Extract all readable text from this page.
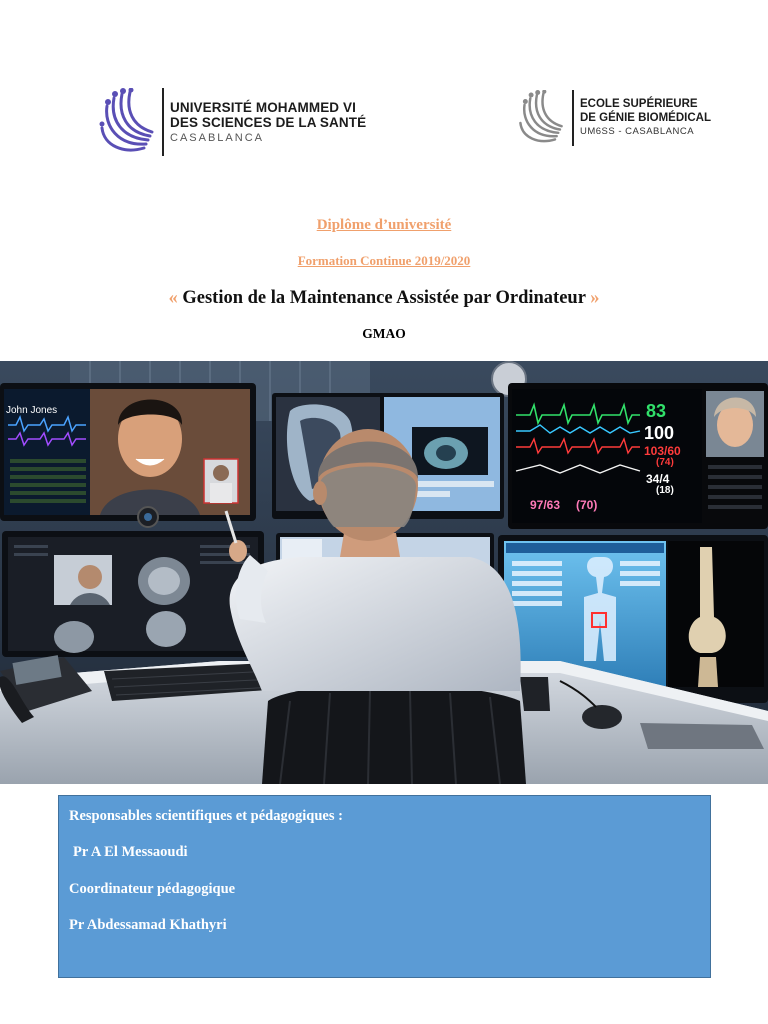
UNIVERSITÉ MOHAMMED VI
DES SCIENCES DE LA SANTÉ
CASABLANCA
ECOLE SUPÉRIEURE
DE GÉNIE BIOMÉDICAL
UM6SS - CASABLANCA
Diplôme d’université
Formation Continue 2019/2020
« Gestion de la Maintenance Assistée par Ordinateur »
GMAO
John Jones	83
100
103/60
(74)
34/4
(18)
97/63 (70)
Responsables scientifiques et pédagogiques :
Pr A El Messaoudi
Coordinateur pédagogique
Pr Abdessamad Khathyri
